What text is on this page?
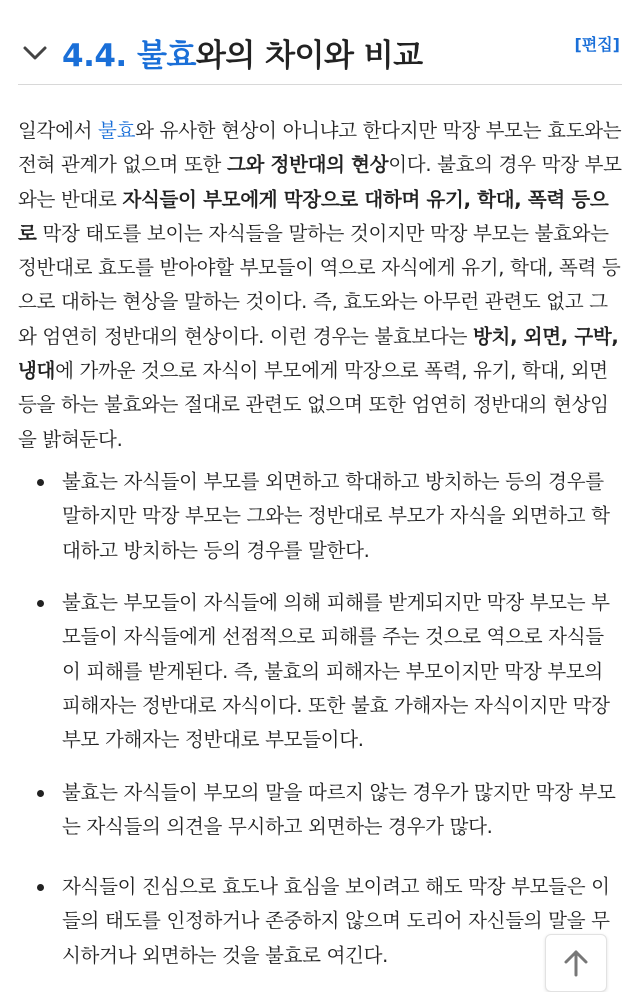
4.4. 불효와의 차이와 비교	[편집]

일각에서 불효와 유사한 현상이 아니냐고 한다지만 막장 부모는 효도와는 전혀 관계가 없으며 또한 그와 정반대의 현상이다. 불효의 경우 막장 부모와는 반대로 자식들이 부모에게 막장으로 대하며 유기, 학대, 폭력 등으로 막장 태도를 보이는 자식들을 말하는 것이지만 막장 부모는 불효와는 정반대로 효도를 받아야할 부모들이 역으로 자식에게 유기, 학대, 폭력 등으로 대하는 현상을 말하는 것이다. 즉, 효도와는 아무런 관련도 없고 그와 엄연히 정반대의 현상이다. 이런 경우는 불효보다는 방치, 외면, 구박, 냉대에 가까운 것으로 자식이 부모에게 막장으로 폭력, 유기, 학대, 외면 등을 하는 불효와는 절대로 관련도 없으며 또한 엄연히 정반대의 현상임을 밝혀둔다.

불효는 자식들이 부모를 외면하고 학대하고 방치하는 등의 경우를 말하지만 막장 부모는 그와는 정반대로 부모가 자식을 외면하고 학대하고 방치하는 등의 경우를 말한다.
불효는 부모들이 자식들에 의해 피해를 받게되지만 막장 부모는 부모들이 자식들에게 선점적으로 피해를 주는 것으로 역으로 자식들이 피해를 받게된다. 즉, 불효의 피해자는 부모이지만 막장 부모의 피해자는 정반대로 자식이다. 또한 불효 가해자는 자식이지만 막장 부모 가해자는 정반대로 부모들이다.
불효는 자식들이 부모의 말을 따르지 않는 경우가 많지만 막장 부모는 자식들의 의견을 무시하고 외면하는 경우가 많다.
자식들이 진심으로 효도나 효심을 보이려고 해도 막장 부모들은 이들의 태도를 인정하거나 존중하지 않으며 도리어 자신들의 말을 무시하거나 외면하는 것을 불효로 여긴다.
